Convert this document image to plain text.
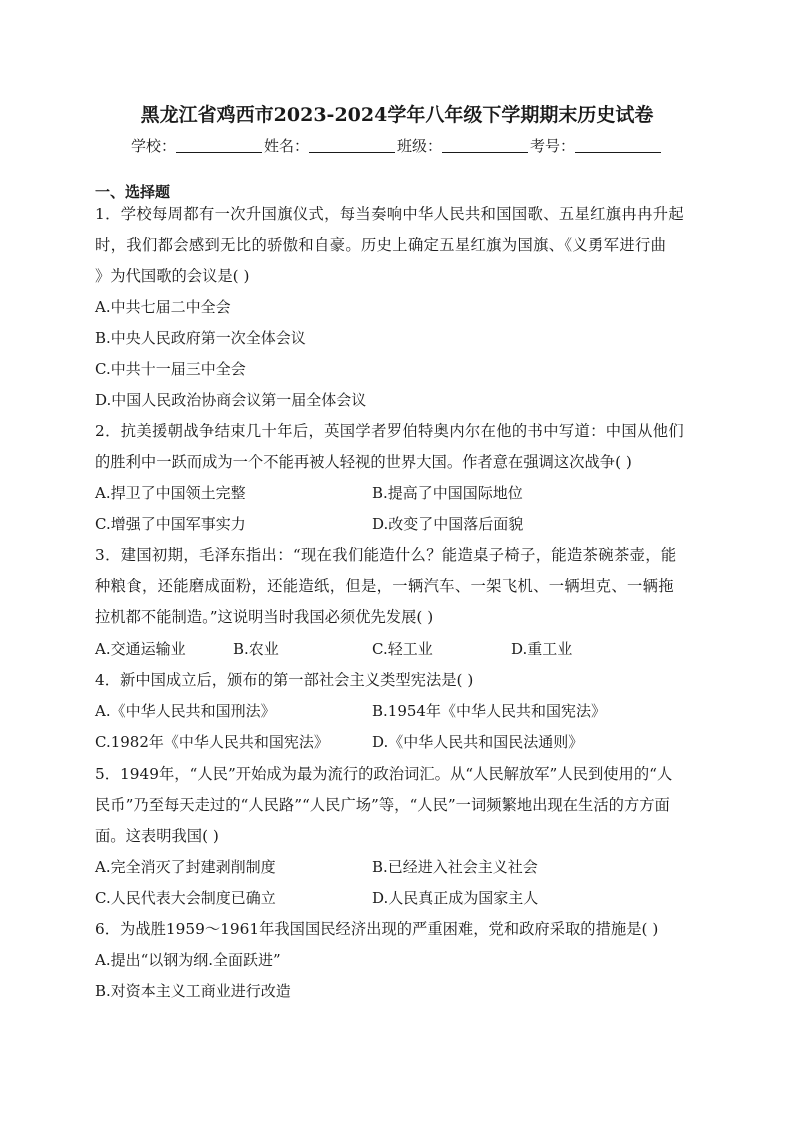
黑龙江省鸡西市2023-2024学年八年级下学期期末历史试卷
学校：	姓名：	班级：	考号：
一、选择题
1．学校每周都有一次升国旗仪式，每当奏响中华人民共和国国歌、五星红旗冉冉升起
时，我们都会感到无比的骄傲和自豪。历史上确定五星红旗为国旗、《义勇军进行曲
》为代国歌的会议是( )
A.中共七届二中全会
B.中央人民政府第一次全体会议
C.中共十一届三中全会
D.中国人民政治协商会议第一届全体会议
2．抗美援朝战争结束几十年后，英国学者罗伯特奥内尔在他的书中写道：中国从他们
的胜利中一跃而成为一个不能再被人轻视的世界大国。作者意在强调这次战争( )
A.捍卫了中国领土完整	B.提高了中国国际地位
C.增强了中国军事实力	D.改变了中国落后面貌
3．建国初期，毛泽东指出：“现在我们能造什么？能造桌子椅子，能造茶碗茶壶，能
种粮食，还能磨成面粉，还能造纸，但是，一辆汽车、一架飞机、一辆坦克、一辆拖
拉机都不能制造。”这说明当时我国必须优先发展( )
A.交通运输业	B.农业	C.轻工业	D.重工业
4．新中国成立后，颁布的第一部社会主义类型宪法是( )
A.《中华人民共和国刑法》	B.1954年《中华人民共和国宪法》
C.1982年《中华人民共和国宪法》	D.《中华人民共和国民法通则》
5．1949年，“人民”开始成为最为流行的政治词汇。从“人民解放军”人民到使用的“人
民币”乃至每天走过的“人民路”“人民广场”等，“人民”一词频繁地出现在生活的方方面
面。这表明我国( )
A.完全消灭了封建剥削制度	B.已经进入社会主义社会
C.人民代表大会制度已确立	D.人民真正成为国家主人
6．为战胜1959～1961年我国国民经济出现的严重困难，党和政府采取的措施是( )
A.提出“以钢为纲.全面跃进”
B.对资本主义工商业进行改造
